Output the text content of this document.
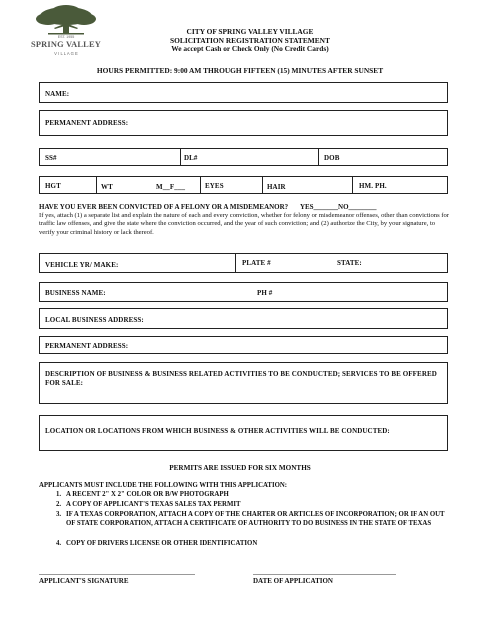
EST. 1955
SPRING VALLEY
V I L L A G E
CITY OF SPRING VALLEY VILLAGE
SOLICITATION REGISTRATION STATEMENT
We accept Cash or Check Only (No Credit Cards)
HOURS PERMITTED: 9:00 AM THROUGH FIFTEEN (15) MINUTES AFTER SUNSET
NAME:
PERMANENT ADDRESS:
SS#	DL#	DOB
HGT	WT	M__F___	EYES	HAIR	HM. PH.
HAVE YOU EVER BEEN CONVICTED OF A FELONY OR A MISDEMEANOR? YES_______NO________
If yes, attach (1) a separate list and explain the nature of each and every conviction, whether for felony or misdemeanor offenses, other than convictions for traffic law offenses, and give the state where the conviction occurred, and the year of such conviction; and (2) authorize the City, by your signature, to verify your criminal history or lack thereof.
VEHICLE YR/ MAKE:	PLATE #	STATE:
BUSINESS NAME:	PH #
LOCAL BUSINESS ADDRESS:
PERMANENT ADDRESS:
DESCRIPTION OF BUSINESS & BUSINESS RELATED ACTIVITIES TO BE CONDUCTED; SERVICES TO BE OFFERED FOR SALE:
LOCATION OR LOCATIONS FROM WHICH BUSINESS & OTHER ACTIVITIES WILL BE CONDUCTED:
PERMITS ARE ISSUED FOR SIX MONTHS
APPLICANTS MUST INCLUDE THE FOLLOWING WITH THIS APPLICATION:
1. A RECENT 2" X 2" COLOR OR B/W PHOTOGRAPH
2. A COPY OF APPLICANT'S TEXAS SALES TAX PERMIT
3. IF A TEXAS CORPORATION, ATTACH A COPY OF THE CHARTER OR ARTICLES OF INCORPORATION; OR IF AN OUT OF STATE CORPORATION, ATTACH A CERTIFICATE OF AUTHORITY TO DO BUSINESS IN THE STATE OF TEXAS
4. COPY OF DRIVERS LICENSE OR OTHER IDENTIFICATION
APPLICANT'S SIGNATURE	DATE OF APPLICATION
